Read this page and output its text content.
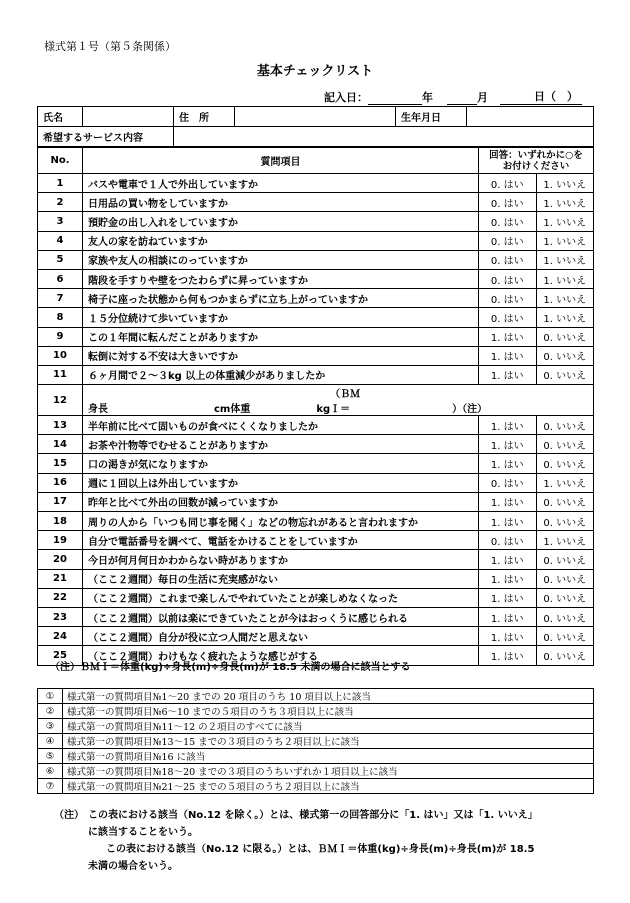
様式第１号（第５条関係）
基本チェックリスト
記入日：	年	月	日（　）
氏名		住　所		生年月日	
希望するサービス内容					
No.	質問項目	回答：いずれかに○を
お付けください	

1	バスや電車で１人で外出していますか	0. はい	1. いいえ
2	日用品の買い物をしていますか	0. はい	1. いいえ
3	預貯金の出し入れをしていますか	0. はい	1. いいえ
4	友人の家を訪ねていますか	0. はい	1. いいえ
5	家族や友人の相談にのっていますか	0. はい	1. いいえ
6	階段を手すりや壁をつたわらずに昇っていますか	0. はい	1. いいえ
7	椅子に座った状態から何もつかまらずに立ち上がっていますか	0. はい	1. いいえ
8	１５分位続けて歩いていますか	0. はい	1. いいえ
9	この１年間に転んだことがありますか	1. はい	0. いいえ
10	転倒に対する不安は大きいですか	1. はい	0. いいえ
11	６ヶ月間で２～３kg 以上の体重減少がありましたか	1. はい	0. いいえ
12	身長 cm体重 kg（ＢＭＩ＝ ）（注）		
13	半年前に比べて固いものが食べにくくなりましたか	1. はい	0. いいえ
14	お茶や汁物等でむせることがありますか	1. はい	0. いいえ
15	口の渇きが気になりますか	1. はい	0. いいえ
16	週に１回以上は外出していますか	0. はい	1. いいえ
17	昨年と比べて外出の回数が減っていますか	1. はい	0. いいえ
18	周りの人から「いつも同じ事を聞く」などの物忘れがあると言われますか	1. はい	0. いいえ
19	自分で電話番号を調べて、電話をかけることをしていますか	0. はい	1. いいえ
20	今日が何月何日かわからない時がありますか	1. はい	0. いいえ
21	（ここ２週間）毎日の生活に充実感がない	1. はい	0. いいえ
22	（ここ２週間）これまで楽しんでやれていたことが楽しめなくなった	1. はい	0. いいえ
23	（ここ２週間）以前は楽にできていたことが今はおっくうに感じられる	1. はい	0. いいえ
24	（ここ２週間）自分が役に立つ人間だと思えない	1. はい	0. いいえ
25	（ここ２週間）わけもなく疲れたような感じがする	1. はい	0. いいえ
（注）ＢＭＩ＝体重(kg)÷身長(m)÷身長(m)が 18.5 未満の場合に該当とする
①	様式第一の質問項目№1～20 までの 20 項目のうち 10 項目以上に該当
②	様式第一の質問項目№6～10 までの５項目のうち３項目以上に該当
③	様式第一の質問項目№11～12 の２項目のすべてに該当
④	様式第一の質問項目№13～15 までの３項目のうち２項目以上に該当
⑤	様式第一の質問項目№16 に該当
⑥	様式第一の質問項目№18～20 までの３項目のうちいずれか１項目以上に該当
⑦	様式第一の質問項目№21～25 までの５項目のうち２項目以上に該当
（注） この表における該当（No.12 を除く。）とは、様式第一の回答部分に「1. はい」又は「1. いいえ」
に該当することをいう。
この表における該当（No.12 に限る。）とは、ＢＭＩ＝体重(kg)÷身長(m)÷身長(m)が 18.5
未満の場合をいう。
